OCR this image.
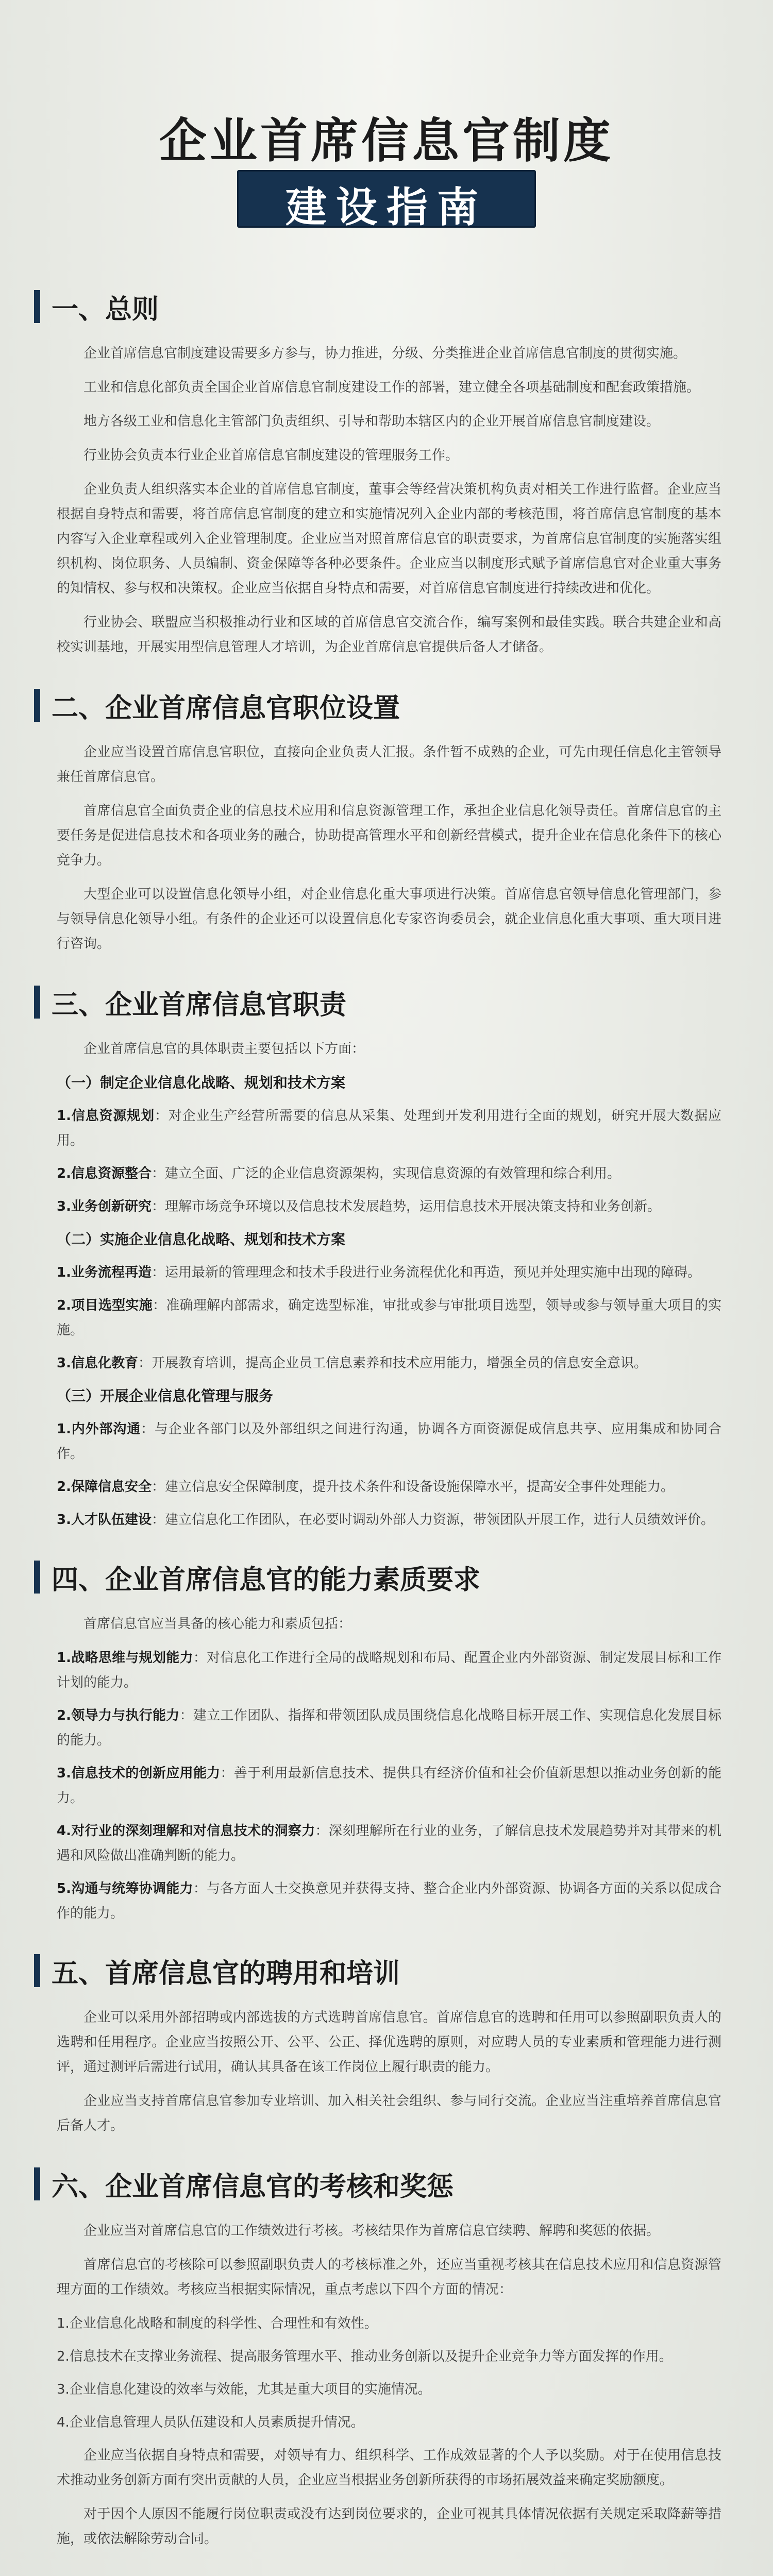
企业首席信息官制度
建设指南
一、总则

企业首席信息官制度建设需要多方参与，协力推进，分级、分类推进企业首席信息官制度的贯彻实施。

工业和信息化部负责全国企业首席信息官制度建设工作的部署，建立健全各项基础制度和配套政策措施。

地方各级工业和信息化主管部门负责组织、引导和帮助本辖区内的企业开展首席信息官制度建设。

行业协会负责本行业企业首席信息官制度建设的管理服务工作。

企业负责人组织落实本企业的首席信息官制度，董事会等经营决策机构负责对相关工作进行监督。企业应当根据自身特点和需要，将首席信息官制度的建立和实施情况列入企业内部的考核范围，将首席信息官制度的基本内容写入企业章程或列入企业管理制度。企业应当对照首席信息官的职责要求，为首席信息官制度的实施落实组织机构、岗位职务、人员编制、资金保障等各种必要条件。企业应当以制度形式赋予首席信息官对企业重大事务的知情权、参与权和决策权。企业应当依据自身特点和需要，对首席信息官制度进行持续改进和优化。

行业协会、联盟应当积极推动行业和区域的首席信息官交流合作，编写案例和最佳实践。联合共建企业和高校实训基地，开展实用型信息管理人才培训，为企业首席信息官提供后备人才储备。

二、企业首席信息官职位设置

企业应当设置首席信息官职位，直接向企业负责人汇报。条件暂不成熟的企业，可先由现任信息化主管领导兼任首席信息官。

首席信息官全面负责企业的信息技术应用和信息资源管理工作，承担企业信息化领导责任。首席信息官的主要任务是促进信息技术和各项业务的融合，协助提高管理水平和创新经营模式，提升企业在信息化条件下的核心竞争力。

大型企业可以设置信息化领导小组，对企业信息化重大事项进行决策。首席信息官领导信息化管理部门，参与领导信息化领导小组。有条件的企业还可以设置信息化专家咨询委员会，就企业信息化重大事项、重大项目进行咨询。

三、企业首席信息官职责

企业首席信息官的具体职责主要包括以下方面：

（一）制定企业信息化战略、规划和技术方案

1.信息资源规划：对企业生产经营所需要的信息从采集、处理到开发利用进行全面的规划，研究开展大数据应用。

2.信息资源整合：建立全面、广泛的企业信息资源架构，实现信息资源的有效管理和综合利用。

3.业务创新研究：理解市场竞争环境以及信息技术发展趋势，运用信息技术开展决策支持和业务创新。

（二）实施企业信息化战略、规划和技术方案

1.业务流程再造：运用最新的管理理念和技术手段进行业务流程优化和再造，预见并处理实施中出现的障碍。

2.项目选型实施：准确理解内部需求，确定选型标准，审批或参与审批项目选型，领导或参与领导重大项目的实施。

3.信息化教育：开展教育培训，提高企业员工信息素养和技术应用能力，增强全员的信息安全意识。

（三）开展企业信息化管理与服务

1.内外部沟通：与企业各部门以及外部组织之间进行沟通，协调各方面资源促成信息共享、应用集成和协同合作。

2.保障信息安全：建立信息安全保障制度，提升技术条件和设备设施保障水平，提高安全事件处理能力。

3.人才队伍建设：建立信息化工作团队，在必要时调动外部人力资源，带领团队开展工作，进行人员绩效评价。

四、企业首席信息官的能力素质要求

首席信息官应当具备的核心能力和素质包括：

1.战略思维与规划能力：对信息化工作进行全局的战略规划和布局、配置企业内外部资源、制定发展目标和工作计划的能力。

2.领导力与执行能力：建立工作团队、指挥和带领团队成员围绕信息化战略目标开展工作、实现信息化发展目标的能力。

3.信息技术的创新应用能力：善于利用最新信息技术、提供具有经济价值和社会价值新思想以推动业务创新的能力。

4.对行业的深刻理解和对信息技术的洞察力：深刻理解所在行业的业务，了解信息技术发展趋势并对其带来的机遇和风险做出准确判断的能力。

5.沟通与统筹协调能力：与各方面人士交换意见并获得支持、整合企业内外部资源、协调各方面的关系以促成合作的能力。

五、首席信息官的聘用和培训

企业可以采用外部招聘或内部选拔的方式选聘首席信息官。首席信息官的选聘和任用可以参照副职负责人的选聘和任用程序。企业应当按照公开、公平、公正、择优选聘的原则，对应聘人员的专业素质和管理能力进行测评，通过测评后需进行试用，确认其具备在该工作岗位上履行职责的能力。

企业应当支持首席信息官参加专业培训、加入相关社会组织、参与同行交流。企业应当注重培养首席信息官后备人才。

六、企业首席信息官的考核和奖惩

企业应当对首席信息官的工作绩效进行考核。考核结果作为首席信息官续聘、解聘和奖惩的依据。

首席信息官的考核除可以参照副职负责人的考核标准之外，还应当重视考核其在信息技术应用和信息资源管理方面的工作绩效。考核应当根据实际情况，重点考虑以下四个方面的情况：

1.企业信息化战略和制度的科学性、合理性和有效性。

2.信息技术在支撑业务流程、提高服务管理水平、推动业务创新以及提升企业竞争力等方面发挥的作用。

3.企业信息化建设的效率与效能，尤其是重大项目的实施情况。

4.企业信息管理人员队伍建设和人员素质提升情况。

企业应当依据自身特点和需要，对领导有力、组织科学、工作成效显著的个人予以奖励。对于在使用信息技术推动业务创新方面有突出贡献的人员，企业应当根据业务创新所获得的市场拓展效益来确定奖励额度。

对于因个人原因不能履行岗位职责或没有达到岗位要求的，企业可视其具体情况依据有关规定采取降薪等措施，或依法解除劳动合同。
